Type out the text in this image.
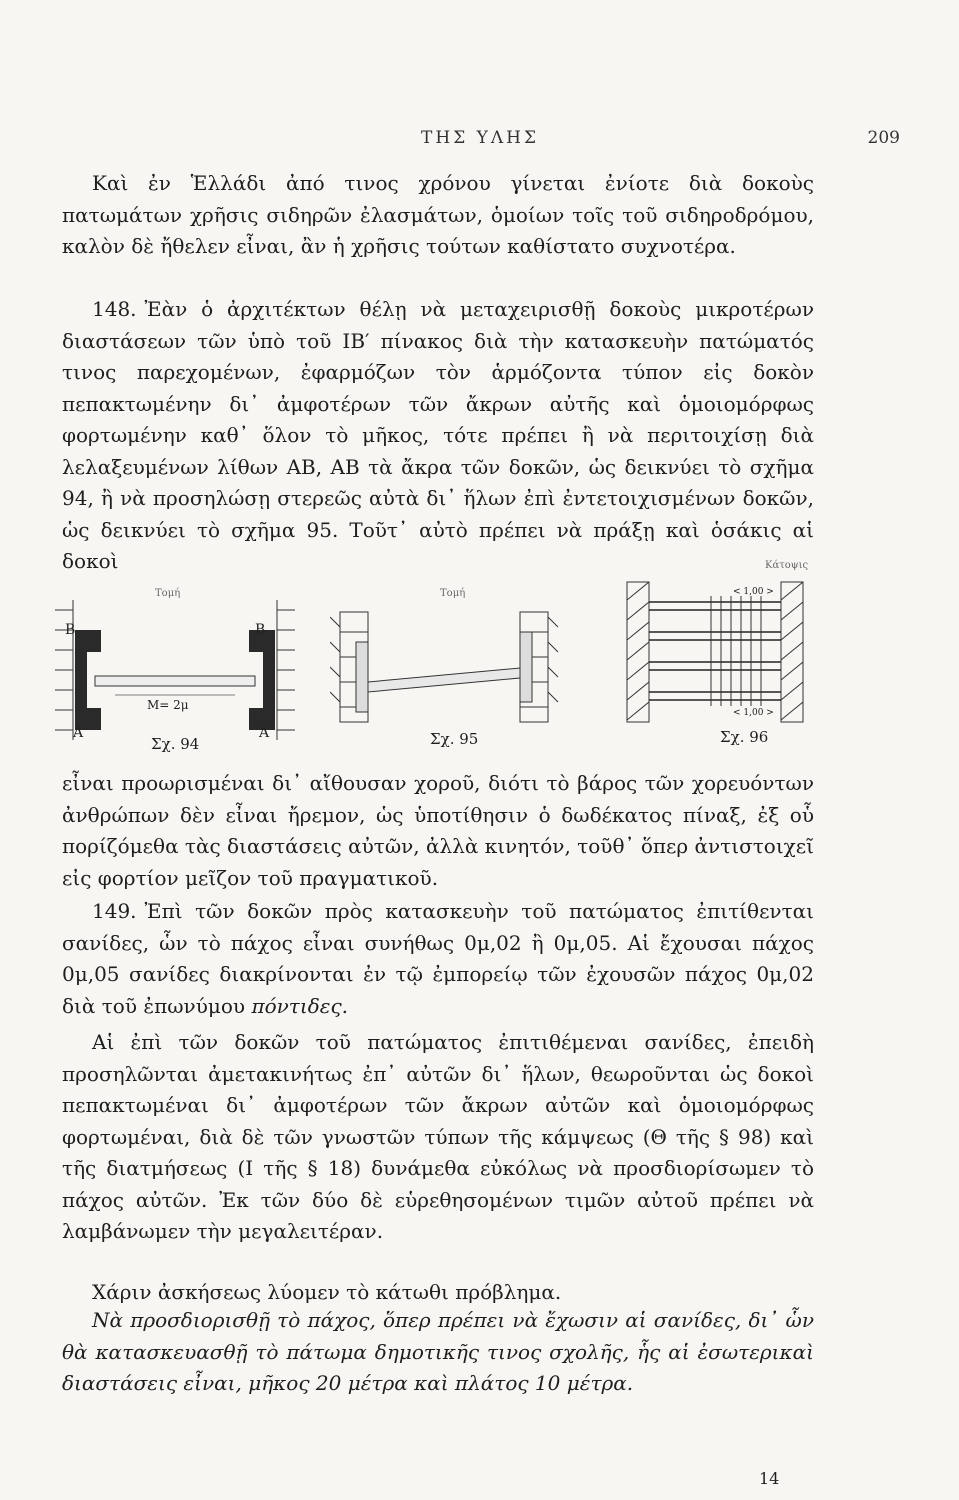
ΤΗΣ ΥΛΗΣ	209

Καὶ ἐν Ἑλλάδι ἀπό τινος χρόνου γίνεται ἐνίοτε διὰ δοκοὺς πατωμάτων χρῆσις σιδηρῶν ἐλασμάτων, ὁμοίων τοῖς τοῦ σιδηροδρόμου, καλὸν δὲ ἤθελεν εἶναι, ἂν ἡ χρῆσις τούτων καθίστατο συχνοτέρα.

148. Ἐὰν ὁ ἀρχιτέκτων θέλῃ νὰ μεταχειρισθῇ δοκοὺς μικροτέρων διαστάσεων τῶν ὑπὸ τοῦ ΙΒ′ πίνακος διὰ τὴν κατασκευὴν πατώματός τινος παρεχομένων, ἐφαρμόζων τὸν ἁρμόζοντα τύπον εἰς δοκὸν πεπακτωμένην δι᾽ ἀμφοτέρων τῶν ἄκρων αὐτῆς καὶ ὁμοιομόρφως φορτωμένην καθ᾽ ὅλον τὸ μῆκος, τότε πρέπει ἢ νὰ περιτοιχίσῃ διὰ λελαξευμένων λίθων ΑΒ, ΑΒ τὰ ἄκρα τῶν δοκῶν, ὡς δεικνύει τὸ σχῆμα 94, ἢ νὰ προσηλώσῃ στερεῶς αὐτὰ δι᾽ ἥλων ἐπὶ ἐντετοιχισμένων δοκῶν, ὡς δεικνύει τὸ σχῆμα 95. Τοῦτ᾽ αὐτὸ πρέπει νὰ πράξῃ καὶ ὁσάκις αἱ δοκοὶ

Τομή
B	B
A	A
M= 2μ
Σχ. 94
Τομή
Σχ. 95
Κάτοψις
< 1,00 >
< 1,00 >
Σχ. 96

εἶναι προωρισμέναι δι᾽ αἴθουσαν χοροῦ, διότι τὸ βάρος τῶν χορευόντων ἀνθρώπων δὲν εἶναι ἤρεμον, ὡς ὑποτίθησιν ὁ δωδέκατος πίναξ, ἐξ οὗ πορίζόμεθα τὰς διαστάσεις αὐτῶν, ἀλλὰ κινητόν, τοῦθ᾽ ὅπερ ἀντιστοιχεῖ εἰς φορτίον μεῖζον τοῦ πραγματικοῦ.

149. Ἐπὶ τῶν δοκῶν πρὸς κατασκευὴν τοῦ πατώματος ἐπιτίθενται σανίδες, ὧν τὸ πάχος εἶναι συνήθως 0μ,02 ἢ 0μ,05. Αἱ ἔχουσαι πάχος 0μ,05 σανίδες διακρίνονται ἐν τῷ ἐμπορείῳ τῶν ἐχουσῶν πάχος 0μ,02 διὰ τοῦ ἐπωνύμου πόντιδες.

Αἱ ἐπὶ τῶν δοκῶν τοῦ πατώματος ἐπιτιθέμεναι σανίδες, ἐπειδὴ προσηλῶνται ἀμετακινήτως ἐπ᾽ αὐτῶν δι᾽ ἥλων, θεωροῦνται ὡς δοκοὶ πεπακτωμέναι δι᾽ ἀμφοτέρων τῶν ἄκρων αὐτῶν καὶ ὁμοιομόρφως φορτωμέναι, διὰ δὲ τῶν γνωστῶν τύπων τῆς κάμψεως (Θ τῆς § 98) καὶ τῆς διατμήσεως (Ι τῆς § 18) δυνάμεθα εὐκόλως νὰ προσδιορίσωμεν τὸ πάχος αὐτῶν. Ἐκ τῶν δύο δὲ εὑρεθησομένων τιμῶν αὐτοῦ πρέπει νὰ λαμβάνωμεν τὴν μεγαλειτέραν.

Χάριν ἀσκήσεως λύομεν τὸ κάτωθι πρόβλημα.

Νὰ προσδιορισθῇ τὸ πάχος, ὅπερ πρέπει νὰ ἔχωσιν αἱ σανίδες, δι᾽ ὧν θὰ κατασκευασθῇ τὸ πάτωμα δημοτικῆς τινος σχολῆς, ἧς αἱ ἐσωτερικαὶ διαστάσεις εἶναι, μῆκος 20 μέτρα καὶ πλάτος 10 μέτρα.

14
